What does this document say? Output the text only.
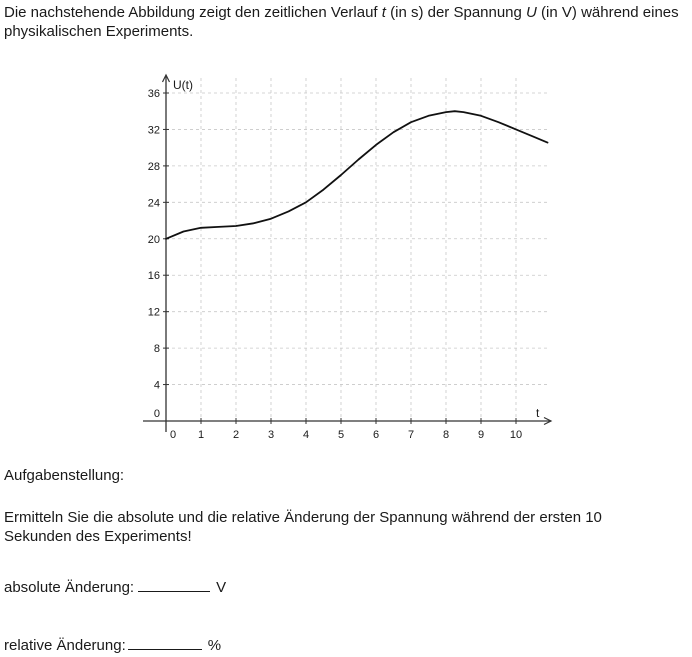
Die nachstehende Abbildung zeigt den zeitlichen Verlauf t (in s) der Spannung U (in V) während eines physikalischen Experiments.

0 1	2	3	4	5	6	7	8	9 10
0
4
8
12
16
20
24
28
32
36
U(t)
t

Aufgabenstellung:

Ermitteln Sie die absolute und die relative Änderung der Spannung während der ersten 10 Sekunden des Experiments!

absolute Änderung:	V

relative Änderung:	%
